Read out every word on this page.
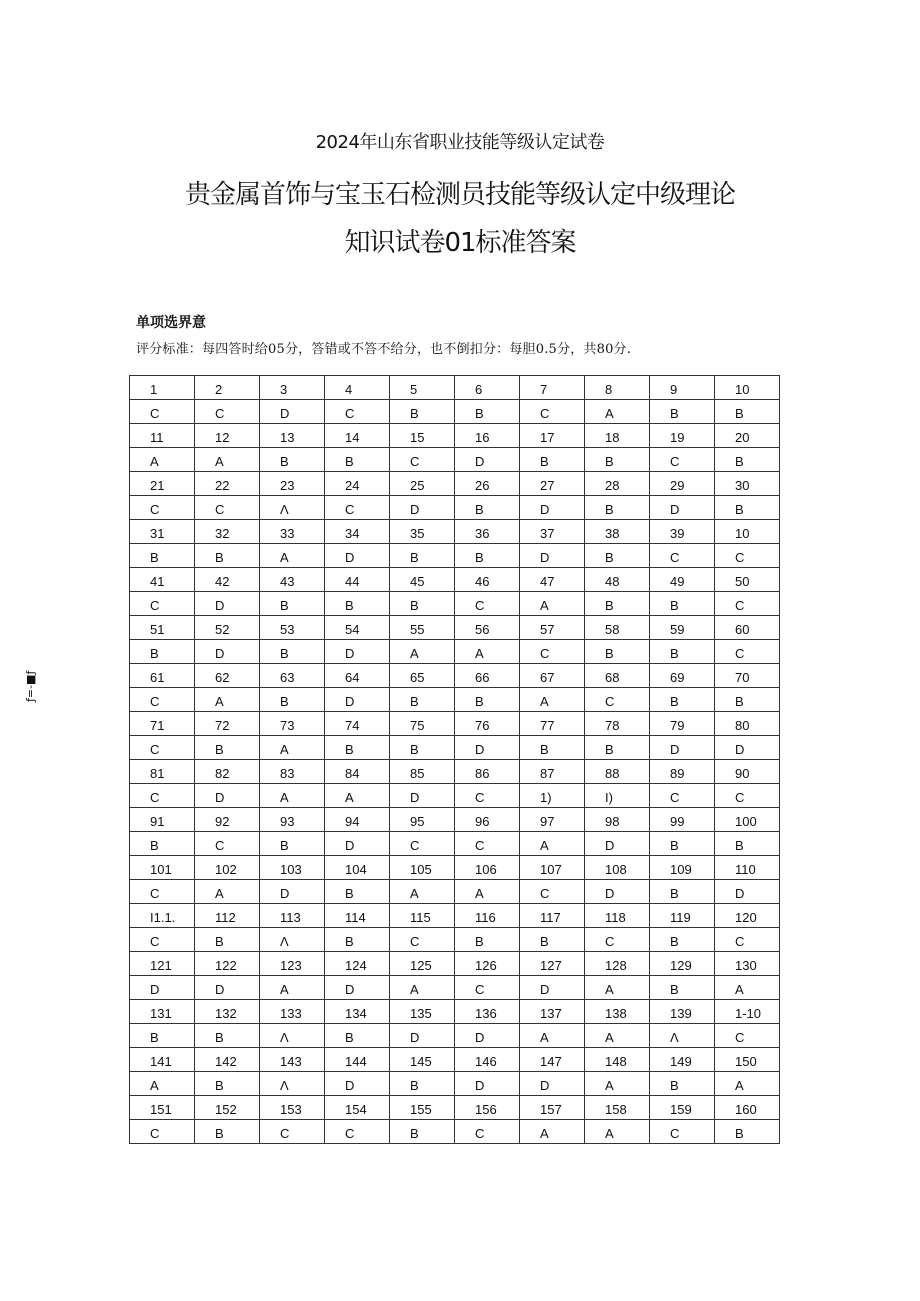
2024年山东省职业技能等级认定试卷
贵金属首饰与宝玉石检测员技能等级认定中级理论
知识试卷01标准答案
单项选界意
评分标准：每四答时给05分，答错或不答不给分，也不倒扣分：每胆0.5分，共80分.
ƒ=-■ƒ
1	2	3	4	5	6	7	8	9	10
C	C	D	C	B	B	C	A	B	B
11	12	13	14	15	16	17	18	19	20
A	A	B	B	C	D	B	B	C	B
21	22	23	24	25	26	27	28	29	30
C	C	Λ	C	D	B	D	B	D	B
31	32	33	34	35	36	37	38	39	10
B	B	A	D	B	B	D	B	C	C
41	42	43	44	45	46	47	48	49	50
C	D	B	B	B	C	A	B	B	C
51	52	53	54	55	56	57	58	59	60
B	D	B	D	A	A	C	B	B	C
61	62	63	64	65	66	67	68	69	70
C	A	B	D	B	B	A	C	B	B
71	72	73	74	75	76	77	78	79	80
C	B	A	B	B	D	B	B	D	D
81	82	83	84	85	86	87	88	89	90
C	D	A	A	D	C	1)	I)	C	C
91	92	93	94	95	96	97	98	99	100
B	C	B	D	C	C	A	D	B	B
101	102	103	104	105	106	107	108	109	110
C	A	D	B	A	A	C	D	B	D
I1.1.	112	113	114	115	116	117	118	119	120
C	B	Λ	B	C	B	B	C	B	C
121	122	123	124	125	126	127	128	129	130
D	D	A	D	A	C	D	A	B	A
131	132	133	134	135	136	137	138	139	1-10
B	B	Λ	B	D	D	A	A	Λ	C
141	142	143	144	145	146	147	148	149	150
A	B	Λ	D	B	D	D	A	B	A
151	152	153	154	155	156	157	158	159	160
C	B	C	C	B	C	A	A	C	B
